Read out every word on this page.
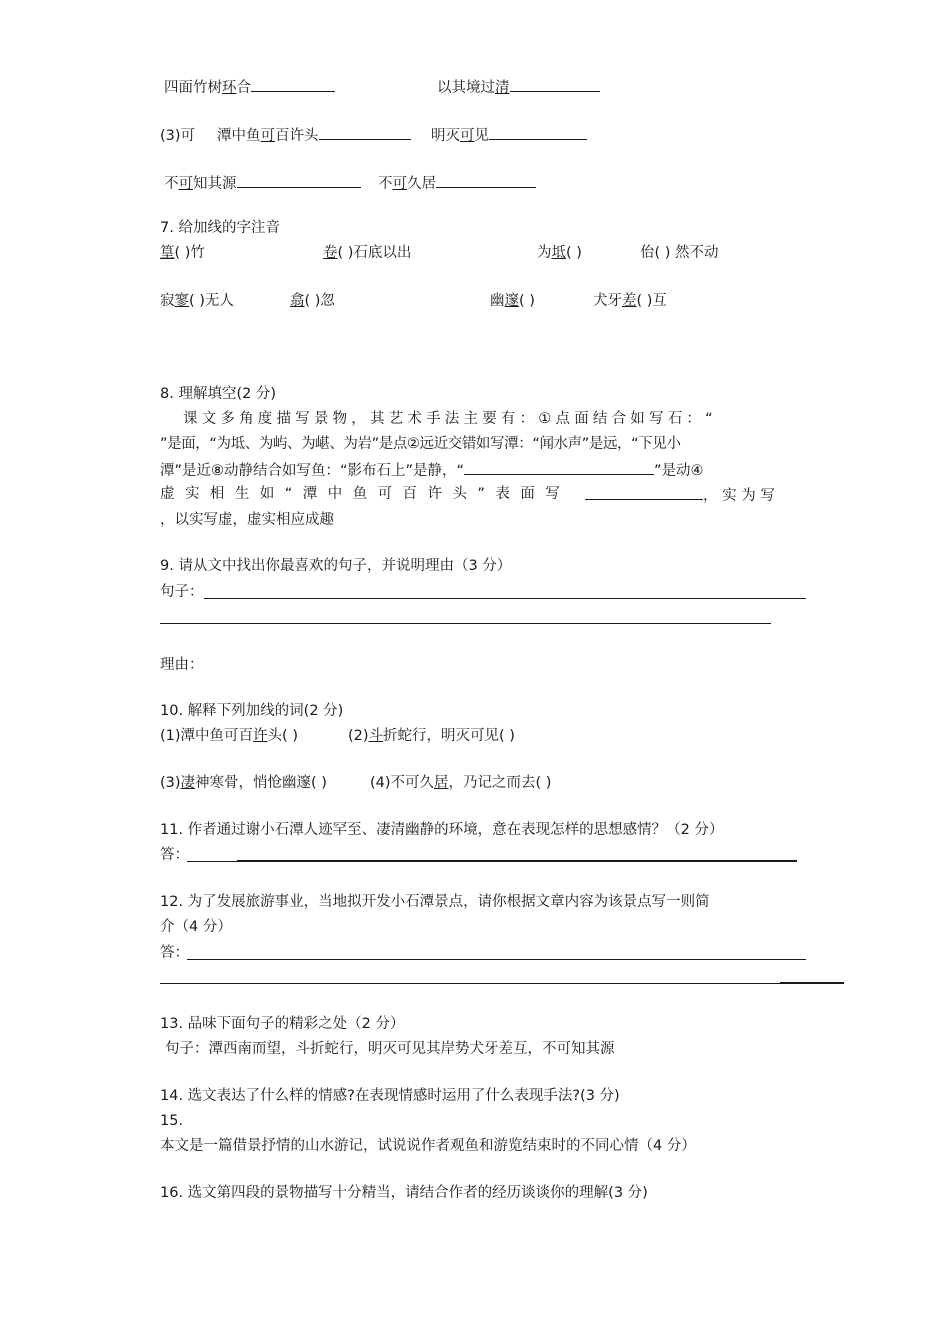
四面竹树环合	以其境过清
(3)可 潭中鱼可百许头	明灭可见
不可知其源	不可久居
7. 给加线的字注音
篁( )竹	卷( )石底以出	为坻( )	佁( ) 然不动
寂寥( )无人	翕( )忽	幽邃( )	犬牙差( )互
8. 理解填空(2 分)
课文多角度描写景物，其艺术手法主要有：①点面结合如写石：“
”是面，“为坻、为屿、为嵁、为岩”是点②远近交错如写潭：“闻水声”是远，“下见小
潭”是近⑧动静结合如写鱼：“影布石上”是静，“	”是动④
虚 实 相 生 如 “ 潭 中 鱼 可 百 许 头 ” 表 面 写	， 实 为 写
，以实写虚，虚实相应成趣
9. 请从文中找出你最喜欢的句子，并说明理由（3 分）
句子：
理由：
10. 解释下列加线的词(2 分)
(1)潭中鱼可百许头( )	(2)斗折蛇行，明灭可见( )
(3)凄神寒骨，悄怆幽邃( )	(4)不可久居，乃记之而去( )
11. 作者通过谢小石潭人迹罕至、凄清幽静的环境，意在表现怎样的思想感情？（2 分）
答：
12. 为了发展旅游事业，当地拟开发小石潭景点，请你根据文章内容为该景点写一则简
介（4 分）
答：
13. 品味下面句子的精彩之处（2 分）
句子：潭西南而望，斗折蛇行，明灭可见其岸势犬牙差互，不可知其源
14. 选文表达了什么样的情感?在表现情感时运用了什么表现手法?(3 分)
15.
本文是一篇借景抒情的山水游记，试说说作者观鱼和游览结束时的不同心情（4 分）
16. 选文第四段的景物描写十分精当，请结合作者的经历谈谈你的理解(3 分)
